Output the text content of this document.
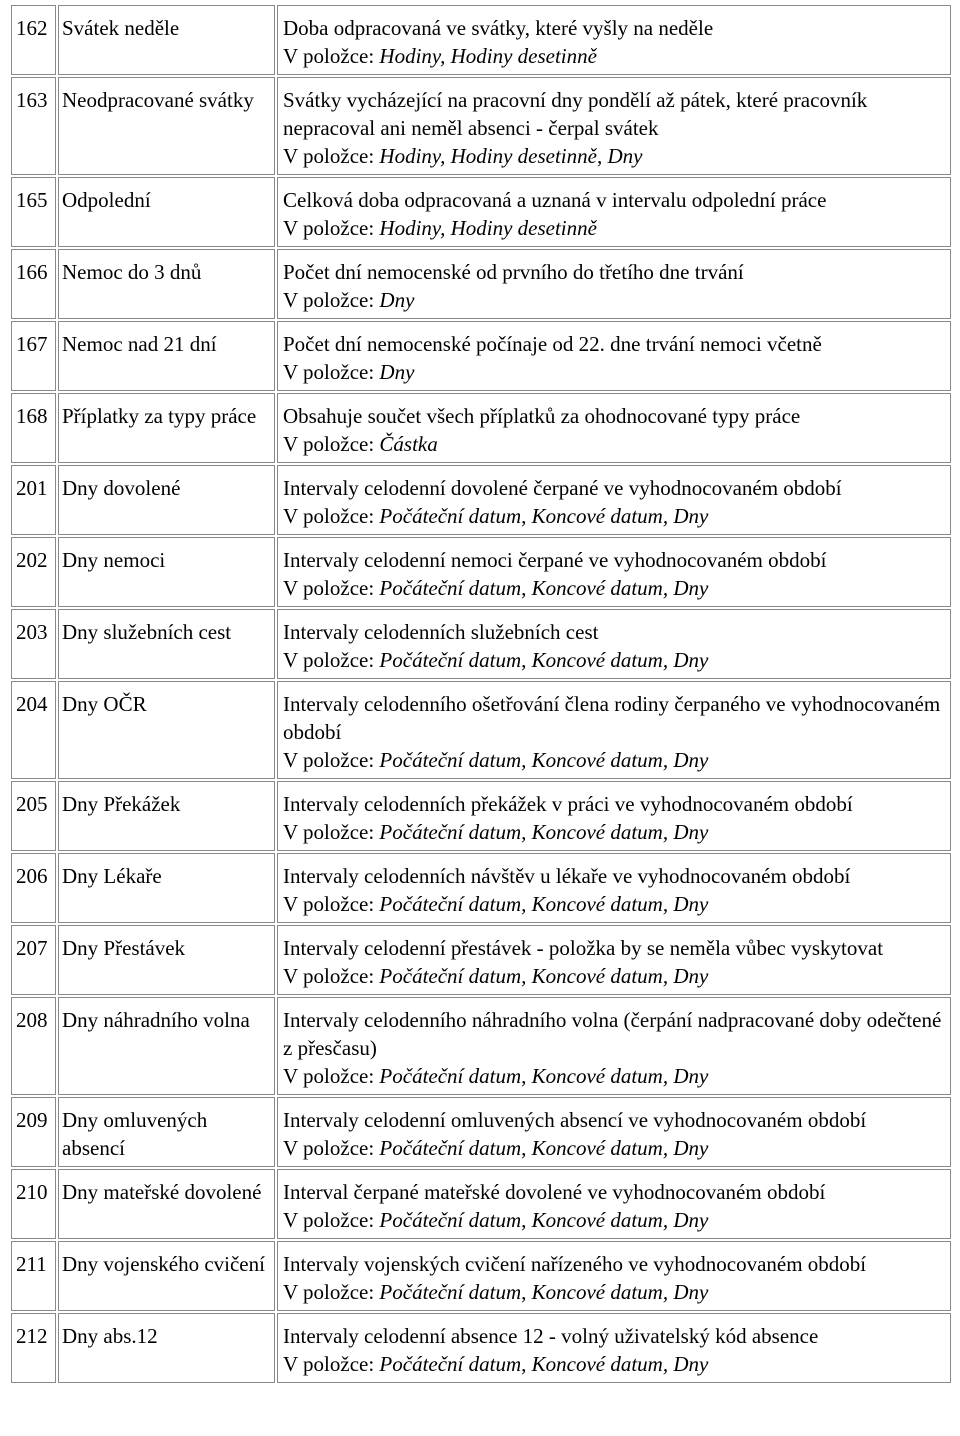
162	Svátek neděle	Doba odpracovaná ve svátky, které vyšly na neděle
V položce: Hodiny, Hodiny desetinně

163	Neodpracované svátky	Svátky vycházející na pracovní dny pondělí až pátek, které pracovník nepracoval ani neměl absenci - čerpal svátek
V položce: Hodiny, Hodiny desetinně, Dny

165	Odpolední	Celková doba odpracovaná a uznaná v intervalu odpolední práce
V položce: Hodiny, Hodiny desetinně

166	Nemoc do 3 dnů	Počet dní nemocenské od prvního do třetího dne trvání
V položce: Dny

167	Nemoc nad 21 dní	Počet dní nemocenské počínaje od 22. dne trvání nemoci včetně
V položce: Dny

168	Příplatky za typy práce	Obsahuje součet všech příplatků za ohodnocované typy práce
V položce: Částka

201	Dny dovolené	Intervaly celodenní dovolené čerpané ve vyhodnocovaném období
V položce: Počáteční datum, Koncové datum, Dny

202	Dny nemoci	Intervaly celodenní nemoci čerpané ve vyhodnocovaném období
V položce: Počáteční datum, Koncové datum, Dny

203	Dny služebních cest	Intervaly celodenních služebních cest
V položce: Počáteční datum, Koncové datum, Dny

204	Dny OČR	Intervaly celodenního ošetřování člena rodiny čerpaného ve vyhodnocovaném období
V položce: Počáteční datum, Koncové datum, Dny

205	Dny Překážek	Intervaly celodenních překážek v práci ve vyhodnocovaném období
V položce: Počáteční datum, Koncové datum, Dny

206	Dny Lékaře	Intervaly celodenních návštěv u lékaře ve vyhodnocovaném období
V položce: Počáteční datum, Koncové datum, Dny

207	Dny Přestávek	Intervaly celodenní přestávek - položka by se neměla vůbec vyskytovat
V položce: Počáteční datum, Koncové datum, Dny

208	Dny náhradního volna	Intervaly celodenního náhradního volna (čerpání nadpracované doby odečtené z přesčasu)
V položce: Počáteční datum, Koncové datum, Dny

209	Dny omluvených absencí	Intervaly celodenní omluvených absencí ve vyhodnocovaném období
V položce: Počáteční datum, Koncové datum, Dny

210	Dny mateřské dovolené	Interval čerpané mateřské dovolené ve vyhodnocovaném období
V položce: Počáteční datum, Koncové datum, Dny

211	Dny vojenského cvičení	Intervaly vojenských cvičení nařízeného ve vyhodnocovaném období
V položce: Počáteční datum, Koncové datum, Dny

212	Dny abs.12	Intervaly celodenní absence 12 - volný uživatelský kód absence
V položce: Počáteční datum, Koncové datum, Dny
